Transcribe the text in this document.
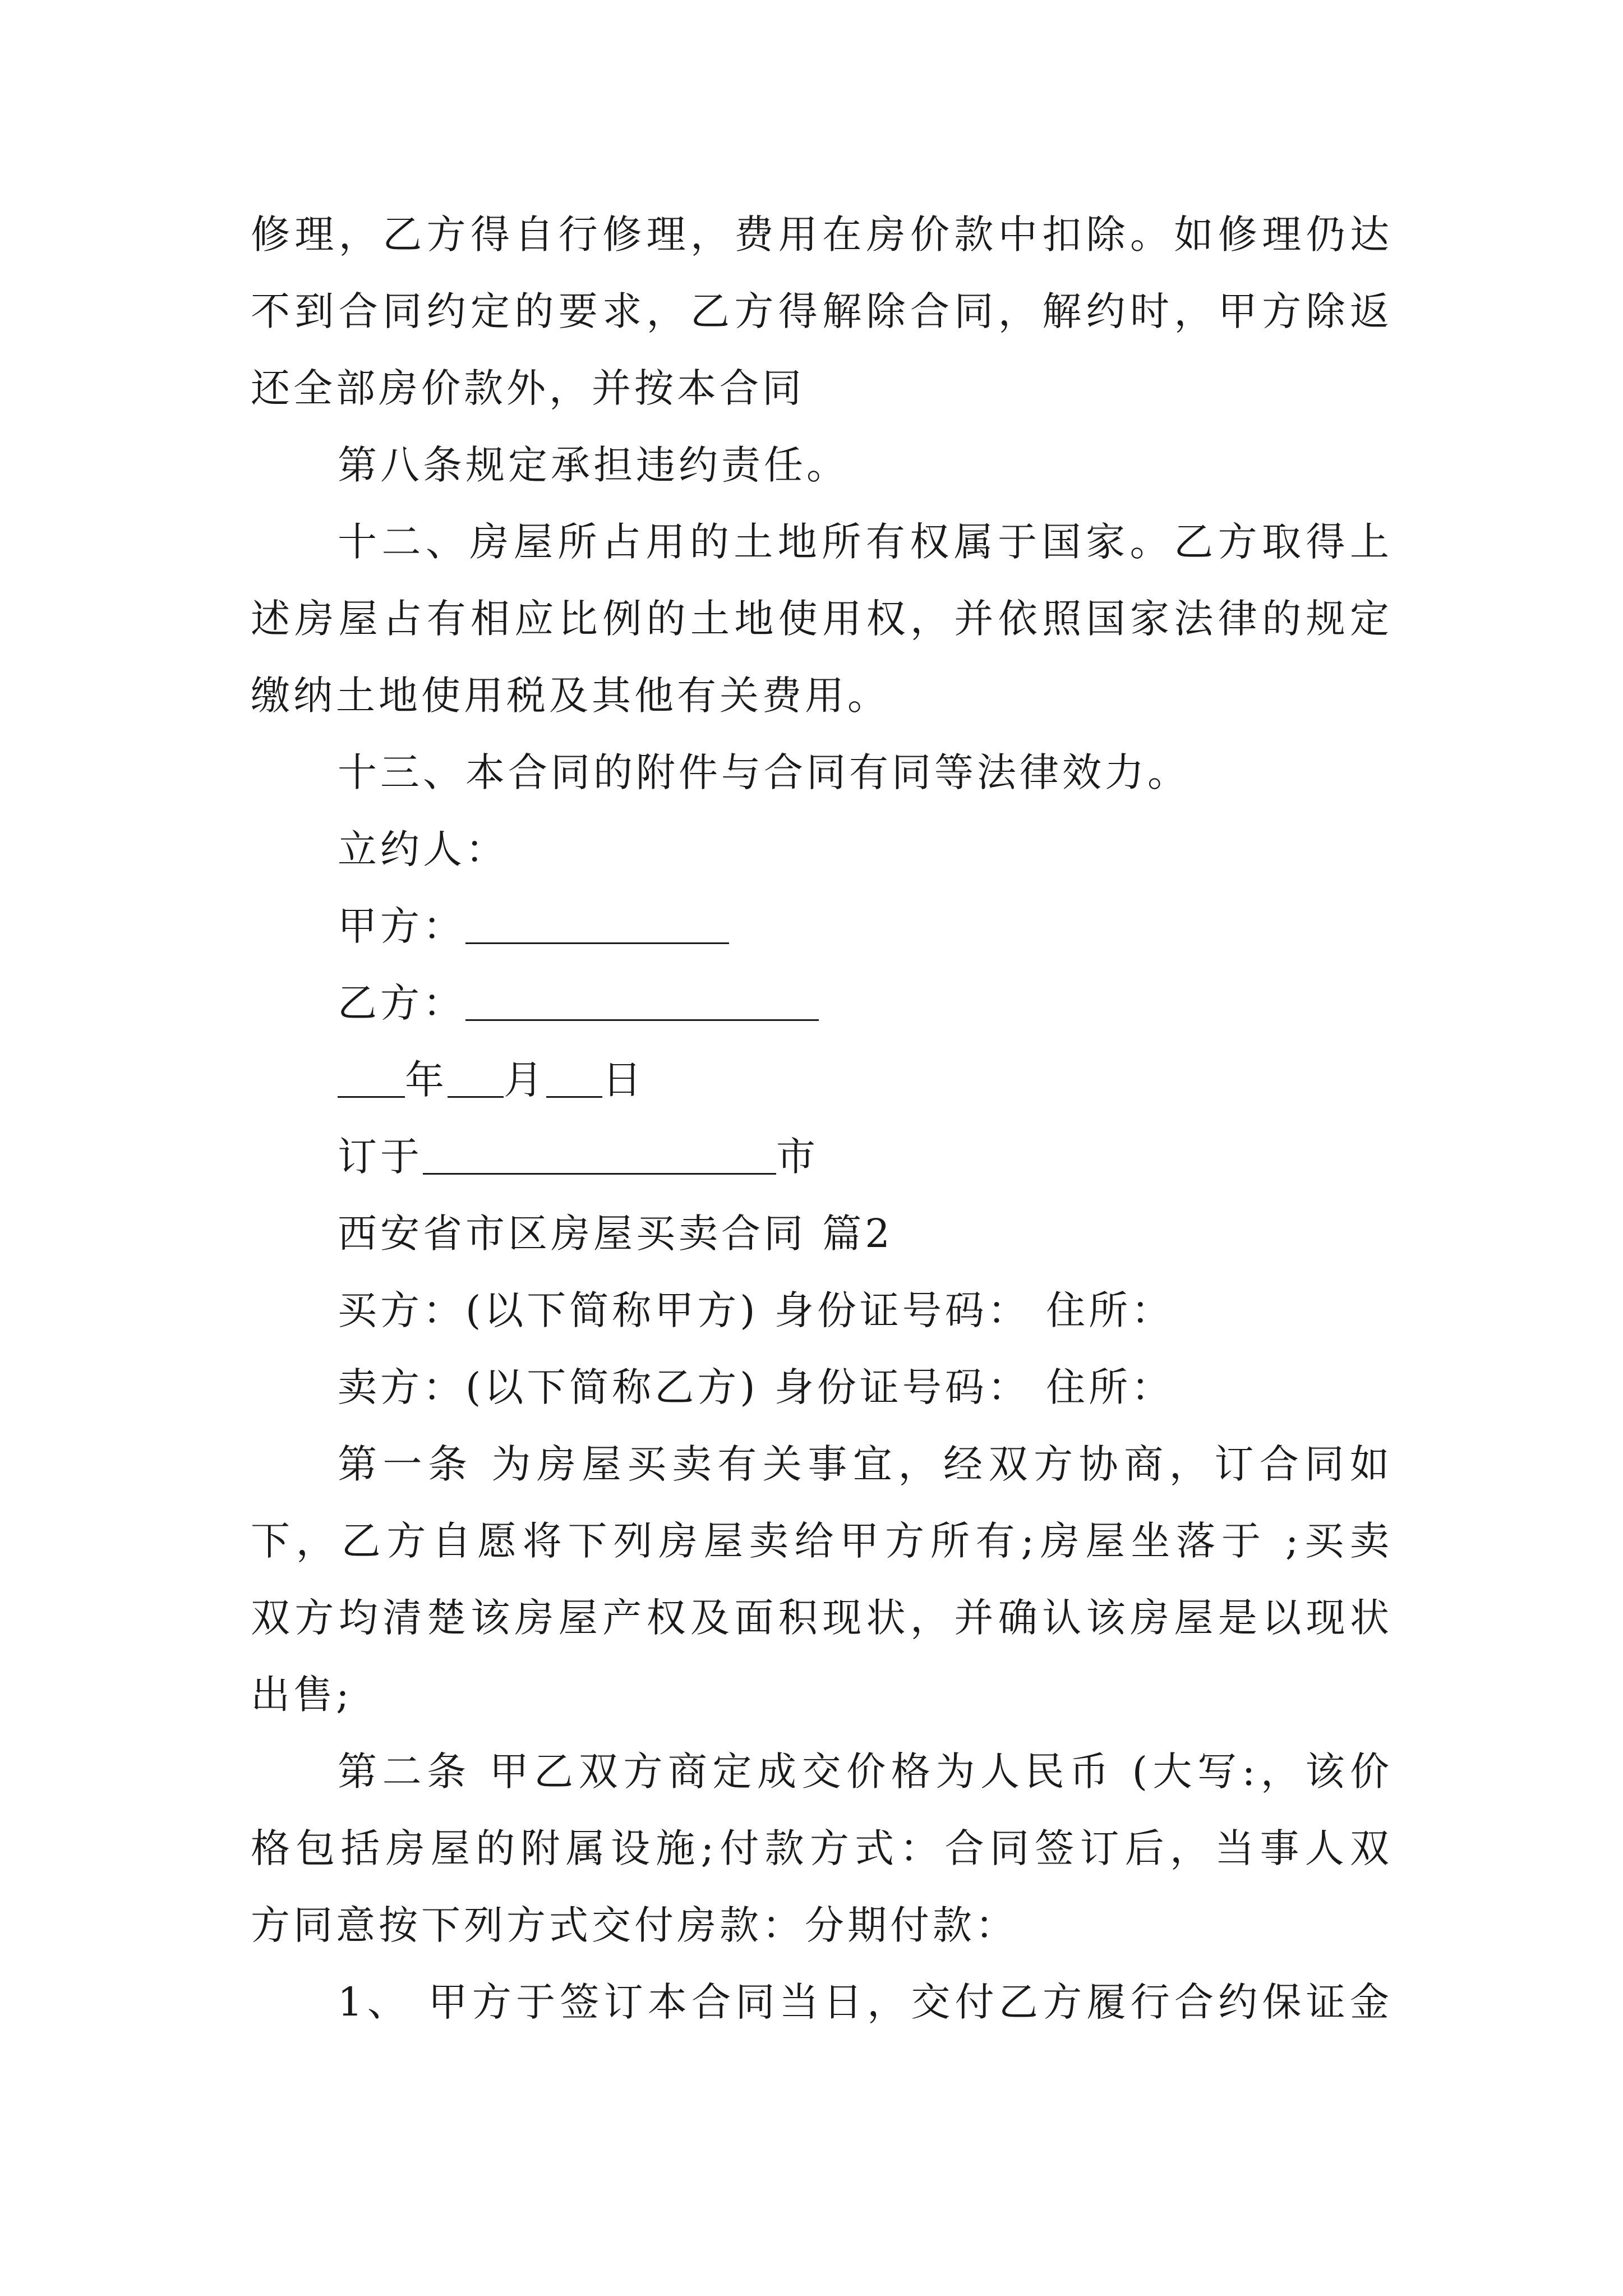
修理，乙方得自行修理，费用在房价款中扣除。如修理仍达
不到合同约定的要求，乙方得解除合同，解约时，甲方除返
还全部房价款外，并按本合同
第八条规定承担违约责任。
十二、房屋所占用的土地所有权属于国家。乙方取得上
述房屋占有相应比例的土地使用权，并依照国家法律的规定
缴纳土地使用税及其他有关费用。
十三、本合同的附件与合同有同等法律效力。
立约人：
甲方：
乙方：
年 月 日
订于	市
西安省市区房屋买卖合同 篇2
买方：(以下简称甲方) 身份证号码： 住所：
卖方：(以下简称乙方) 身份证号码： 住所：
第一条 为房屋买卖有关事宜，经双方协商，订合同如
下，乙方自愿将下列房屋卖给甲方所有;房屋坐落于 ;买卖
双方均清楚该房屋产权及面积现状，并确认该房屋是以现状
出售;
第二条 甲乙双方商定成交价格为人民币 (大写:，该价
格包括房屋的附属设施;付款方式：合同签订后，当事人双
方同意按下列方式交付房款：分期付款：
1、 甲方于签订本合同当日，交付乙方履行合约保证金
